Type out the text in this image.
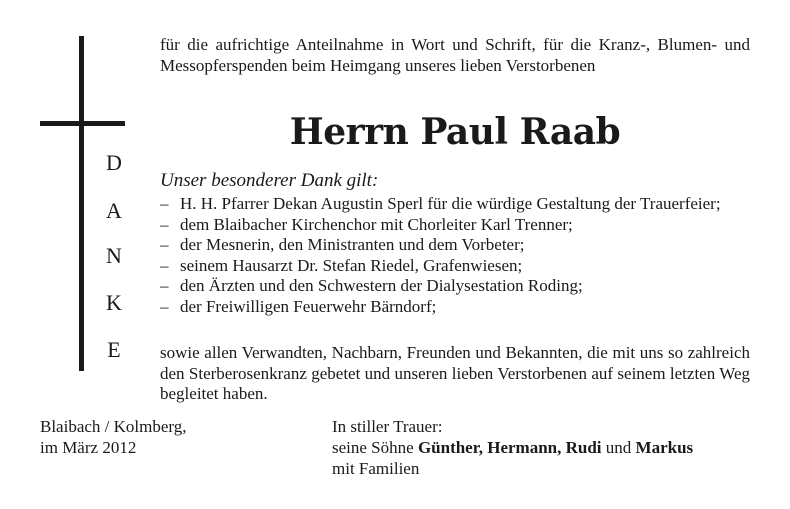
D
A
N
K
E
für die aufrichtige Anteilnahme in Wort und Schrift, für die Kranz-, Blumen- und Messopferspenden beim Heimgang unseres lieben Verstorbenen
Herrn Paul Raab
Unser besonderer Dank gilt:
– H. H. Pfarrer Dekan Augustin Sperl für die würdige Gestaltung der Trauerfeier;
– dem Blaibacher Kirchenchor mit Chorleiter Karl Trenner;
– der Mesnerin, den Ministranten und dem Vorbeter;
– seinem Hausarzt Dr. Stefan Riedel, Grafenwiesen;
– den Ärzten und den Schwestern der Dialysestation Roding;
– der Freiwilligen Feuerwehr Bärndorf;
sowie allen Verwandten, Nachbarn, Freunden und Bekannten, die mit uns so zahlreich den Sterberosenkranz gebetet und unseren lieben Verstorbenen auf seinem letzten Weg begleitet haben.
Blaibach / Kolmberg,
im März 2012
In stiller Trauer:
seine Söhne Günther, Hermann, Rudi und Markus
mit Familien
